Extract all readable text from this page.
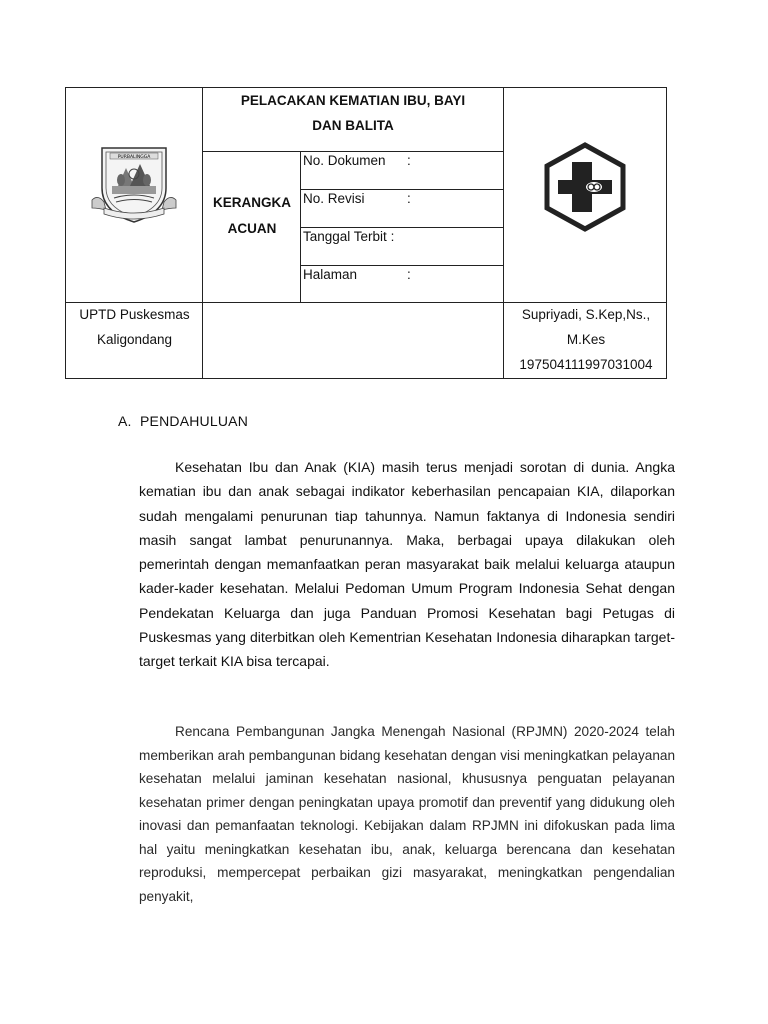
PURBALINGGA
PELACAKAN KEMATIAN IBU, BAYI
DAN BALITA
KERANGKA
ACUAN
No. Dokumen :
No. Revisi	:
Tanggal Terbit :
Halaman	:
UPTD Puskesmas
Kaligondang
Supriyadi, S.Kep,Ns.,
M.Kes
197504111997031004
A. PENDAHULUAN

Kesehatan Ibu dan Anak (KIA) masih terus menjadi sorotan di dunia. Angka kematian ibu dan anak sebagai indikator keberhasilan pencapaian KIA, dilaporkan sudah mengalami penurunan tiap tahunnya. Namun faktanya di Indonesia sendiri masih sangat lambat penurunannya. Maka, berbagai upaya dilakukan oleh pemerintah dengan memanfaatkan peran masyarakat baik melalui keluarga ataupun kader-kader kesehatan. Melalui Pedoman Umum Program Indonesia Sehat dengan Pendekatan Keluarga dan juga Panduan Promosi Kesehatan bagi Petugas di Puskesmas yang diterbitkan oleh Kementrian Kesehatan Indonesia diharapkan target-target terkait KIA bisa tercapai.

Rencana Pembangunan Jangka Menengah Nasional (RPJMN) 2020-2024 telah memberikan arah pembangunan bidang kesehatan dengan visi meningkatkan pelayanan kesehatan melalui jaminan kesehatan nasional, khususnya penguatan pelayanan kesehatan primer dengan peningkatan upaya promotif dan preventif yang didukung oleh inovasi dan pemanfaatan teknologi. Kebijakan dalam RPJMN ini difokuskan pada lima hal yaitu meningkatkan kesehatan ibu, anak, keluarga berencana dan kesehatan reproduksi, mempercepat perbaikan gizi masyarakat, meningkatkan pengendalian penyakit,
